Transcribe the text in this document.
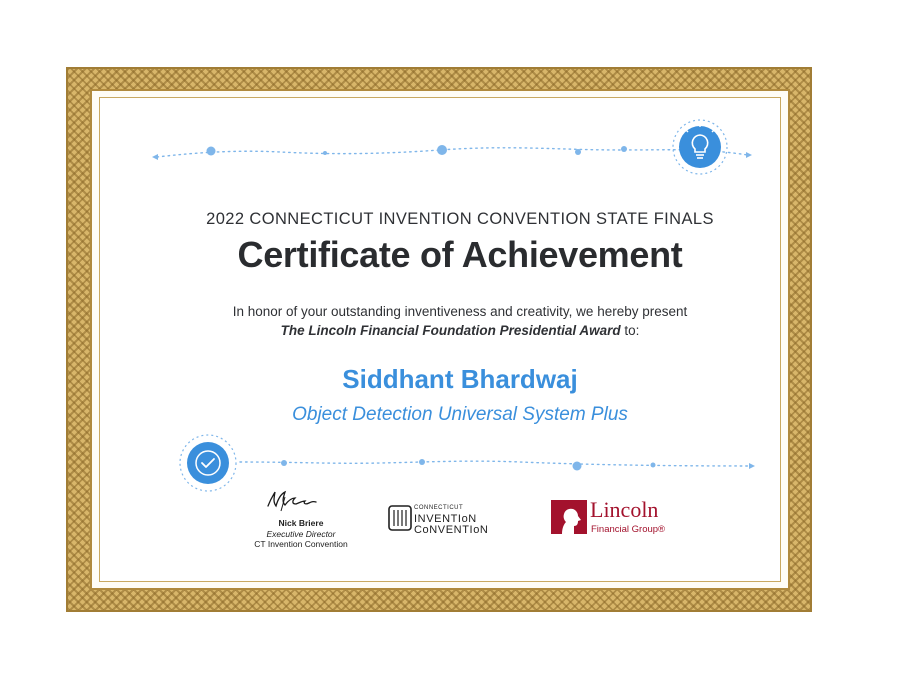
2022 CONNECTICUT INVENTION CONVENTION STATE FINALS
Certificate of Achievement
In honor of your outstanding inventiveness and creativity, we hereby present
The Lincoln Financial Foundation Presidential Award to:
Siddhant Bhardwaj
Object Detection Universal System Plus
Nick Briere
Executive Director
CT Invention Convention
CONNECTICUT
INVENTIoN
CoNVENTIoN
Lincoln
Financial Group®
